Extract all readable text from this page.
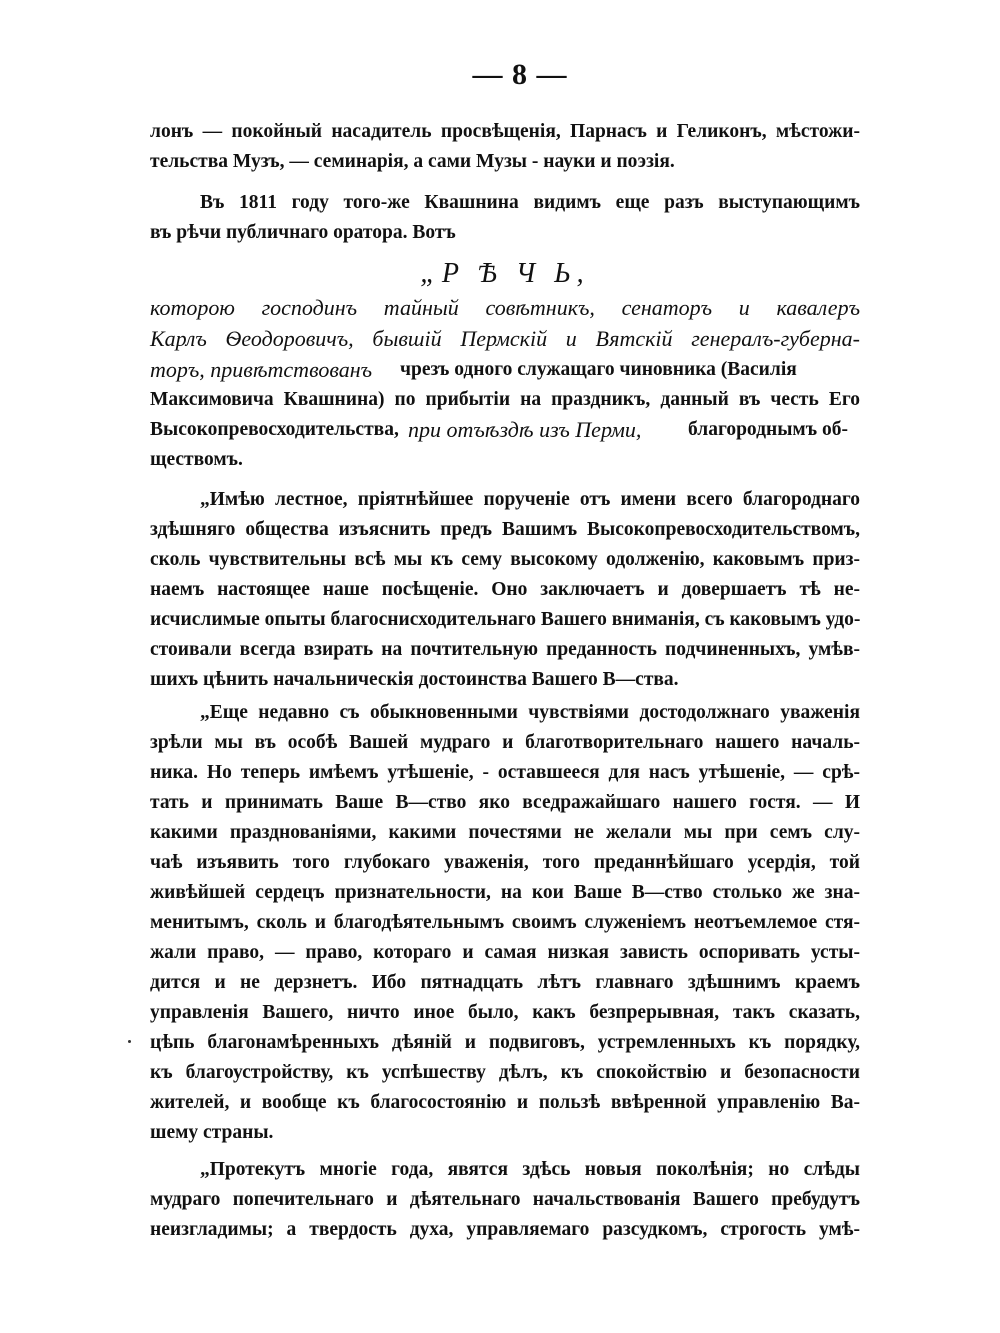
— 8 —
лонъ — покойный насадитель просвѣщенія, Парнасъ и Геликонъ, мѣстожи-
тельства Музъ, — семинарія, а сами Музы - науки и поэзія.
Въ 1811 году того-же Квашнина видимъ еще разъ выступающимъ
въ рѣчи публичнаго оратора. Вотъ
„Р Ѣ Ч Ь,
которою господинъ тайный совѣтникъ, сенаторъ и кавалеръ
Карлъ Ѳеодоровичъ, бывшій Пермскій и Вятскій генералъ-губерна-
торъ, привѣтствованъ чрезъ одного служащаго чиновника (Василія
Максимовича Квашнина) по прибытіи на праздникъ, данный въ честь Его
Высокопревосходительства, при отъѣздѣ изъ Перми, благороднымъ об-
ществомъ.
„Имѣю лестное, пріятнѣйшее порученіе отъ имени всего благороднаго
здѣшняго общества изъяснить предъ Вашимъ Высокопревосходительствомъ,
сколь чувствительны всѣ мы къ сему высокому одолженію, каковымъ приз-
наемъ настоящее наше посѣщеніе. Оно заключаетъ и довершаетъ тѣ не-
исчислимые опыты благоснисходительнаго Вашего вниманія, съ каковымъ удо-
стоивали всегда взирать на почтительную преданность подчиненныхъ, умѣв-
шихъ цѣнить начальническія достоинства Вашего В—ства.
„Еще недавно съ обыкновенными чувствіями достодолжнаго уваженія
зрѣли мы въ особѣ Вашей мудраго и благотворительнаго нашего началь-
ника. Но теперь имѣемъ утѣшеніе, - оставшееся для насъ утѣшеніе, — срѣ-
тать и принимать Ваше В—ство яко вседражайшаго нашего гостя. — И
какими празднованіями, какими почестями не желали мы при семъ слу-
чаѣ изъявить того глубокаго уваженія, того преданнѣйшаго усердія, той
живѣйшей сердецъ признательности, на кои Ваше В—ство столько же зна-
менитымъ, сколь и благодѣятельнымъ своимъ служеніемъ неотъемлемое стя-
жали право, — право, котораго и самая низкая зависть оспоривать усты-
дится и не дерзнетъ. Ибо пятнадцать лѣтъ главнаго здѣшнимъ краемъ
управленія Вашего, ничто иное было, какъ безпрерывная, такъ сказать,
цѣпь благонамѣренныхъ дѣяній и подвиговъ, устремленныхъ къ порядку,
къ благоустройству, къ успѣшеству дѣлъ, къ спокойствію и безопасности
жителей, и вообще къ благосостоянію и пользѣ ввѣренной управленію Ва-
шему страны.
„Протекутъ многіе года, явятся здѣсь новыя поколѣнія; но слѣды
мудраго попечительнаго и дѣятельнаго начальствованія Вашего пребудутъ
неизгладимы; а твердость духа, управляемаго разсудкомъ, строгость умѣ-
